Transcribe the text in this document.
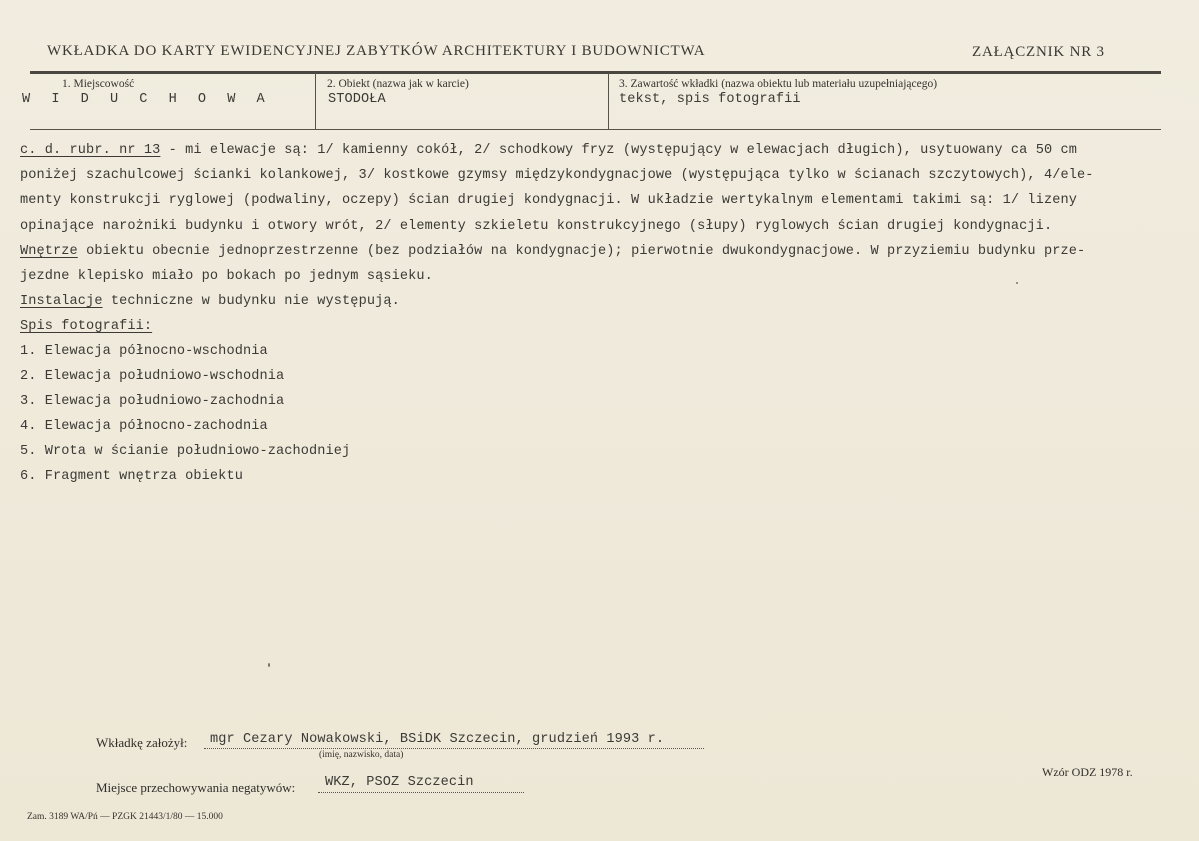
WKŁADKA DO KARTY EWIDENCYJNEJ ZABYTKÓW ARCHITEKTURY I BUDOWNICTWA	ZAŁĄCZNIK NR 3
1. Miejscowość
W I D U C H O W A
2. Obiekt (nazwa jak w karcie)
STODOŁA
3. Zawartość wkładki (nazwa obiektu lub materiału uzupełniającego)
tekst, spis fotografii
c. d. rubr. nr 13 - mi elewacje są: 1/ kamienny cokół, 2/ schodkowy fryz (występujący w elewacjach długich), usytuowany ca 50 cm
poniżej szachulcowej ścianki kolankowej, 3/ kostkowe gzymsy międzykondygnacjowe (występująca tylko w ścianach szczytowych), 4/ele-
menty konstrukcji ryglowej (podwaliny, oczepy) ścian drugiej kondygnacji. W układzie wertykalnym elementami takimi są: 1/ lizeny
opinające narożniki budynku i otwory wrót, 2/ elementy szkieletu konstrukcyjnego (słupy) ryglowych ścian drugiej kondygnacji.
Wnętrze obiektu obecnie jednoprzestrzenne (bez podziałów na kondygnacje); pierwotnie dwukondygnacjowe. W przyziemiu budynku prze-
jezdne klepisko miało po bokach po jednym sąsieku.
Instalacje techniczne w budynku nie występują.
Spis fotografii:
1. Elewacja północno-wschodnia
2. Elewacja południowo-wschodnia
3. Elewacja południowo-zachodnia
4. Elewacja północno-zachodnia
5. Wrota w ścianie południowo-zachodniej
6. Fragment wnętrza obiektu
Wkładkę założył: mgr Cezary Nowakowski, BSiDK Szczecin, grudzień 1993 r.
(imię, nazwisko, data)
Miejsce przechowywania negatywów: WKZ, PSOZ Szczecin
Wzór ODZ 1978 r.
Zam. 3189 WA/Pń — PZGK 21443/1/80 — 15.000
